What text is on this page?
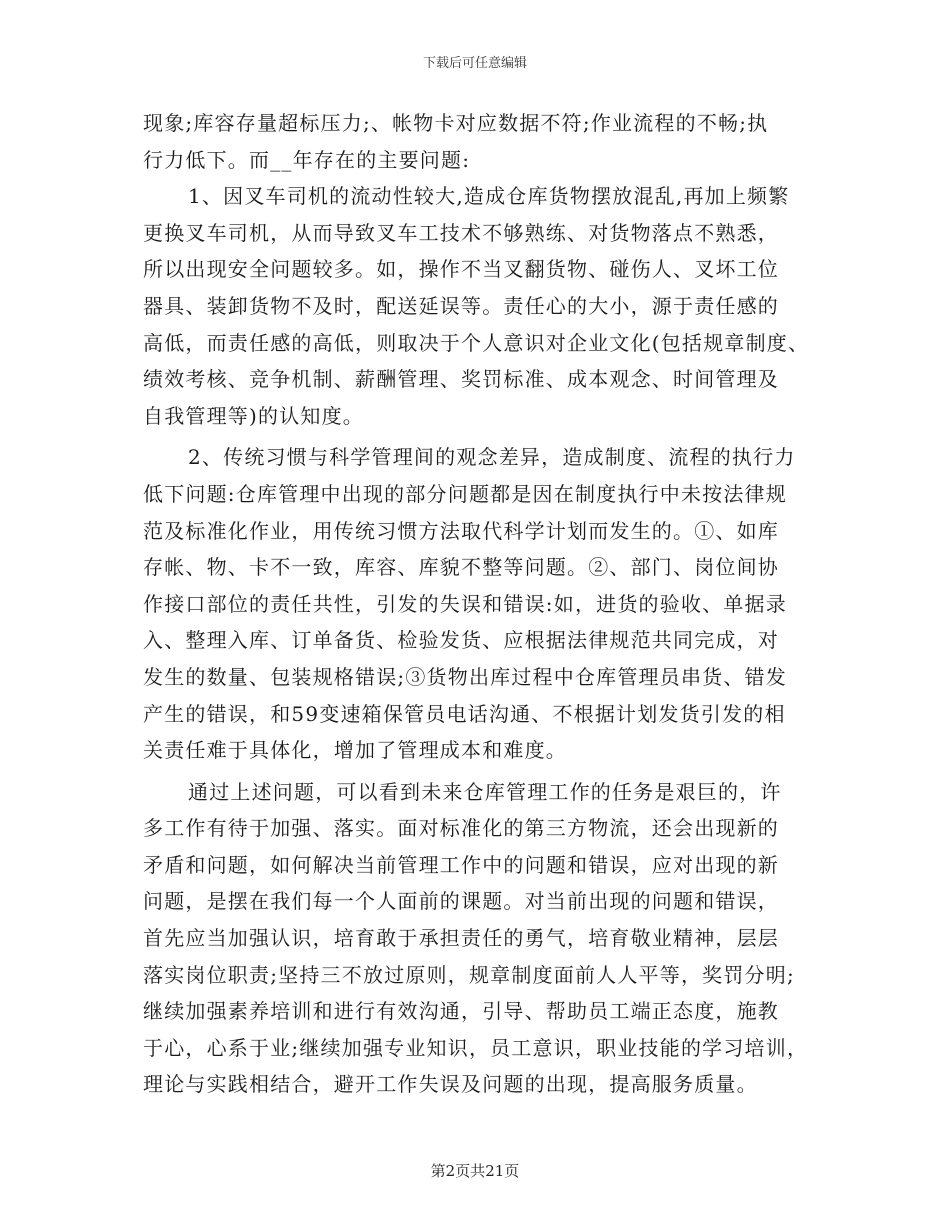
下载后可任意编辑
现象;库容存量超标压力;、帐物卡对应数据不符;作业流程的不畅;执
行力低下。而__年存在的主要问题:
1、因叉车司机的流动性较大,造成仓库货物摆放混乱,再加上频繁
更换叉车司机，从而导致叉车工技术不够熟练、对货物落点不熟悉，
所以出现安全问题较多。如，操作不当叉翻货物、碰伤人、叉坏工位
器具、装卸货物不及时，配送延误等。责任心的大小，源于责任感的
高低，而责任感的高低，则取决于个人意识对企业文化(包括规章制度、
绩效考核、竞争机制、薪酬管理、奖罚标准、成本观念、时间管理及
自我管理等)的认知度。
2、传统习惯与科学管理间的观念差异，造成制度、流程的执行力
低下问题:仓库管理中出现的部分问题都是因在制度执行中未按法律规
范及标准化作业，用传统习惯方法取代科学计划而发生的。①、如库
存帐、物、卡不一致，库容、库貌不整等问题。②、部门、岗位间协
作接口部位的责任共性，引发的失误和错误:如，进货的验收、单据录
入、整理入库、订单备货、检验发货、应根据法律规范共同完成，对
发生的数量、包装规格错误;③货物出库过程中仓库管理员串货、错发
产生的错误，和59变速箱保管员电话沟通、不根据计划发货引发的相
关责任难于具体化，增加了管理成本和难度。
通过上述问题，可以看到未来仓库管理工作的任务是艰巨的，许
多工作有待于加强、落实。面对标准化的第三方物流，还会出现新的
矛盾和问题，如何解决当前管理工作中的问题和错误，应对出现的新
问题，是摆在我们每一个人面前的课题。对当前出现的问题和错误，
首先应当加强认识，培育敢于承担责任的勇气，培育敬业精神，层层
落实岗位职责;坚持三不放过原则，规章制度面前人人平等，奖罚分明;
继续加强素养培训和进行有效沟通，引导、帮助员工端正态度，施教
于心，心系于业;继续加强专业知识，员工意识，职业技能的学习培训，
理论与实践相结合，避开工作失误及问题的出现，提高服务质量。
第2页共21页
